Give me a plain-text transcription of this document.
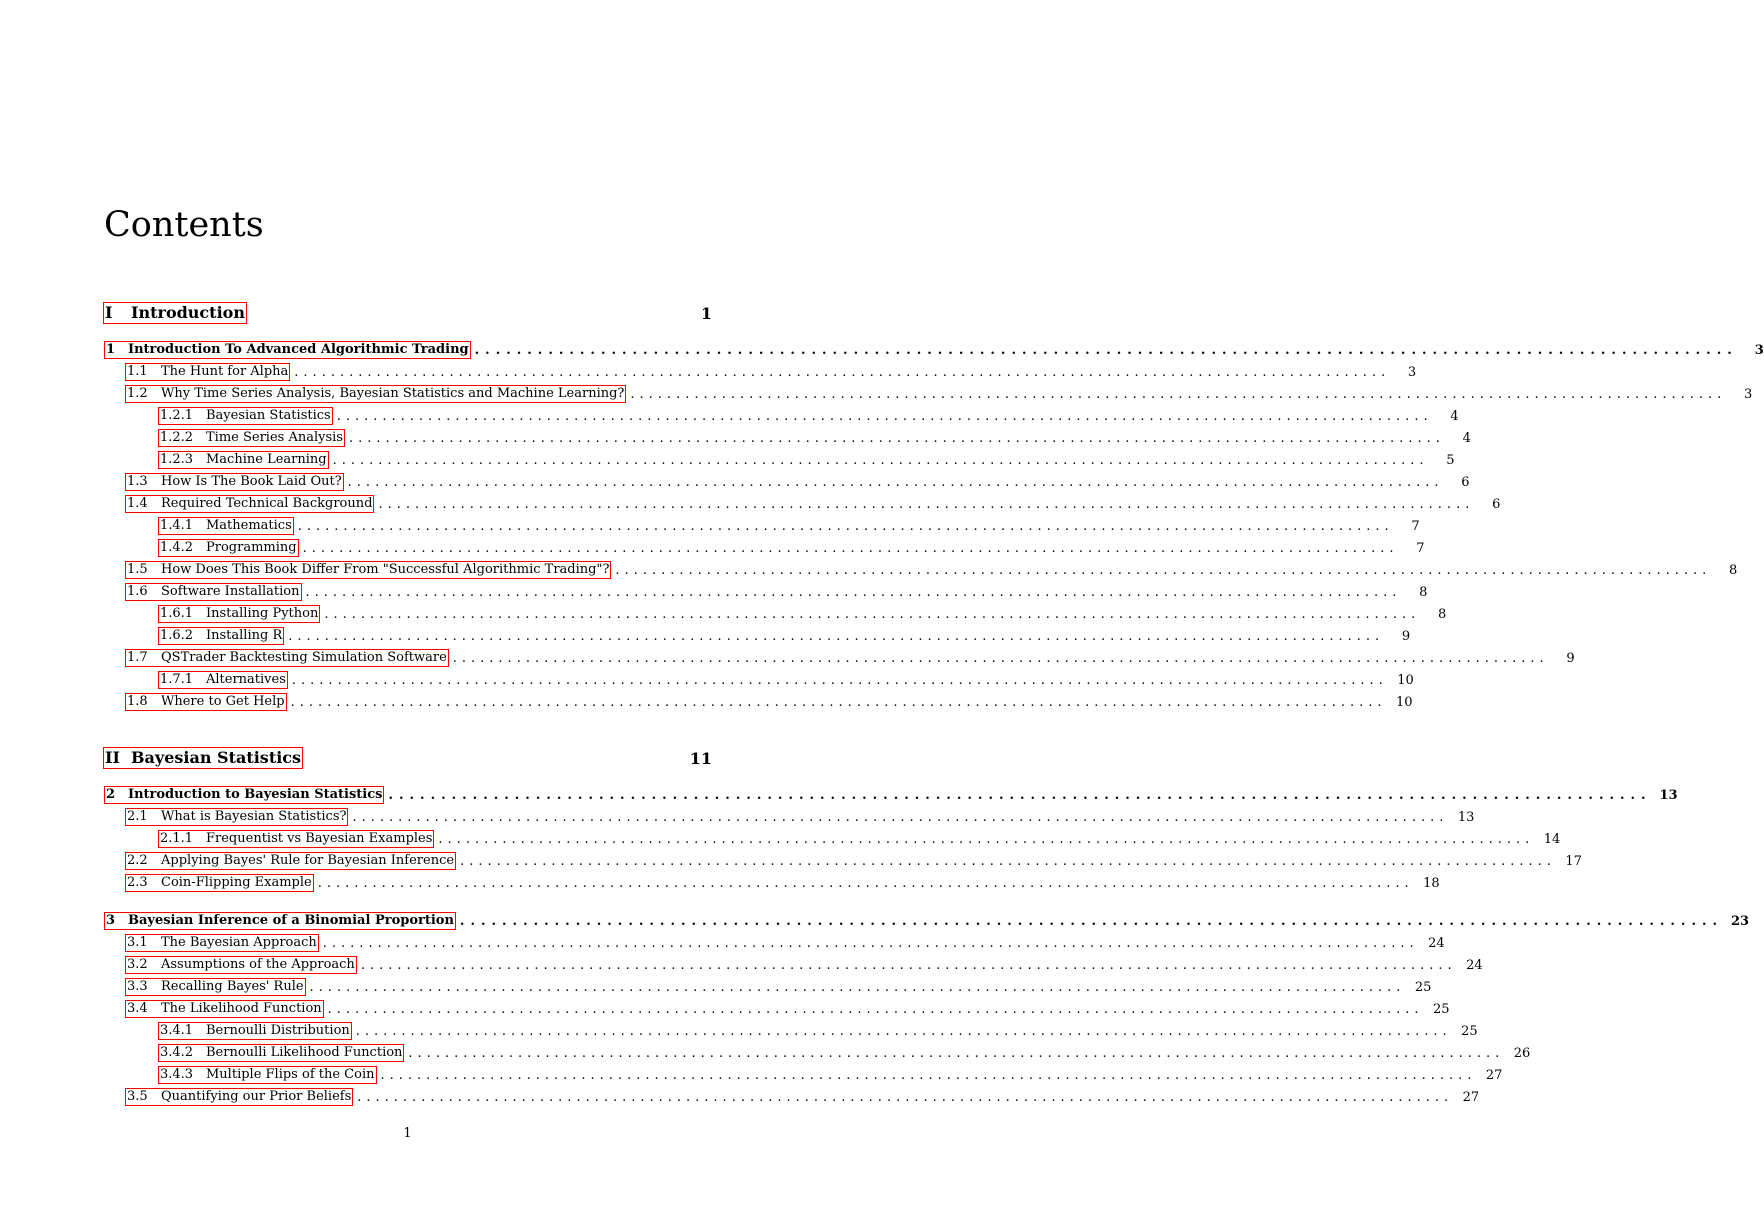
Contents
I	Introduction	1
1 Introduction To Advanced Algorithmic Trading ........................................................................................................................	3
1.1	The Hunt for Alpha ........................................................................................................................	3
1.2	Why Time Series Analysis, Bayesian Statistics and Machine Learning? ........................................................................................................................	3
1.2.1 Bayesian Statistics ........................................................................................................................	4
1.2.2 Time Series Analysis ........................................................................................................................	4
1.2.3 Machine Learning ........................................................................................................................	5
1.3	How Is The Book Laid Out? ........................................................................................................................	6
1.4	Required Technical Background ........................................................................................................................	6
1.4.1 Mathematics ........................................................................................................................	7
1.4.2 Programming ........................................................................................................................	7
1.5	How Does This Book Differ From "Successful Algorithmic Trading"? ........................................................................................................................	8
1.6	Software Installation ........................................................................................................................	8
1.6.1 Installing Python ........................................................................................................................	8
1.6.2 Installing R ........................................................................................................................	9
1.7	QSTrader Backtesting Simulation Software ........................................................................................................................	9
1.7.1 Alternatives ........................................................................................................................ 10
1.8	Where to Get Help ........................................................................................................................ 10
II Bayesian Statistics	11
2 Introduction to Bayesian Statistics ........................................................................................................................ 13
2.1	What is Bayesian Statistics? ........................................................................................................................ 13
2.1.1 Frequentist vs Bayesian Examples ........................................................................................................................ 14
2.2	Applying Bayes' Rule for Bayesian Inference ........................................................................................................................ 17
2.3	Coin-Flipping Example ........................................................................................................................ 18
3 Bayesian Inference of a Binomial Proportion ........................................................................................................................ 23
3.1	The Bayesian Approach ........................................................................................................................ 24
3.2	Assumptions of the Approach ........................................................................................................................ 24
3.3	Recalling Bayes' Rule ........................................................................................................................ 25
3.4	The Likelihood Function ........................................................................................................................ 25
3.4.1 Bernoulli Distribution ........................................................................................................................ 25
3.4.2 Bernoulli Likelihood Function ........................................................................................................................ 26
3.4.3 Multiple Flips of the Coin ........................................................................................................................ 27
3.5	Quantifying our Prior Beliefs ........................................................................................................................ 27
1
